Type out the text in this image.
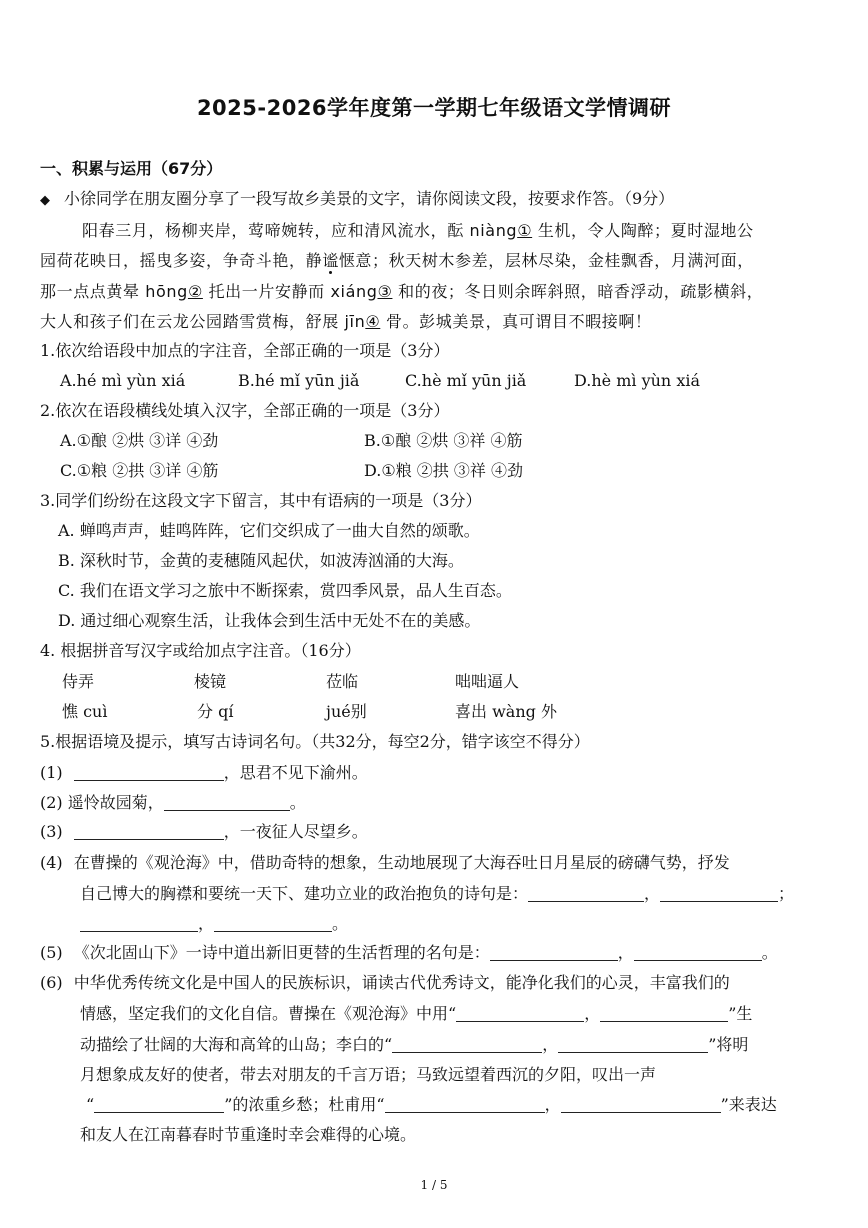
2025-2026学年度第一学期七年级语文学情调研
一、积累与运用（67分）
◆ 小徐同学在朋友圈分享了一段写故乡美景的文字，请你阅读文段，按要求作答。（9分）
阳春三月，杨柳夹岸，莺啼婉转，应和清风流水，酝 niàng① 生机，令人陶醉；夏时湿地公
园荷花映日，摇曳多姿，争奇斗艳，静谧惬意；秋天树木参差，层林尽染，金桂飘香，月满河面，
那一点点黄晕 hōng② 托出一片安静而 xiáng③ 和的夜；冬日则余晖斜照，暗香浮动，疏影横斜，
大人和孩子们在云龙公园踏雪赏梅，舒展 jīn④ 骨。彭城美景，真可谓目不暇接啊！
1.依次给语段中加点的字注音，全部正确的一项是（3分）
A.hé mì yùn xiá	B.hé mǐ yūn jiǎ	C.hè mǐ yūn jiǎ	D.hè mì yùn xiá
2.依次在语段横线处填入汉字，全部正确的一项是（3分）
A.①酿 ②烘 ③详 ④劲	B.①酿 ②烘 ③祥 ④筋
C.①粮 ②拱 ③详 ④筋	D.①粮 ②拱 ③祥 ④劲
3.同学们纷纷在这段文字下留言，其中有语病的一项是（3分）
A. 蝉鸣声声，蛙鸣阵阵，它们交织成了一曲大自然的颂歌。
B. 深秋时节，金黄的麦穗随风起伏，如波涛汹涌的大海。
C. 我们在语文学习之旅中不断探索，赏四季风景，品人生百态。
D. 通过细心观察生活，让我体会到生活中无处不在的美感。
4. 根据拼音写汉字或给加点字注音。（16分）
侍弄	棱镜	莅临	咄咄逼人
憔 cuì	分 qí	jué别	喜出 wàng 外
5.根据语境及提示，填写古诗词名句。（共32分，每空2分，错字该空不得分）
(1)	，思君不见下渝州。
(2) 遥怜故园菊，	。
(3)	，一夜征人尽望乡。
(4) 在曹操的《观沧海》中，借助奇特的想象，生动地展现了大海吞吐日月星辰的磅礴气势，抒发
自己博大的胸襟和要统一天下、建功立业的政治抱负的诗句是：	，	；
，	。
(5) 《次北固山下》一诗中道出新旧更替的生活哲理的名句是：	，	。
(6) 中华优秀传统文化是中国人的民族标识，诵读古代优秀诗文，能净化我们的心灵，丰富我们的
情感，坚定我们的文化自信。曹操在《观沧海》中用“	，	”生
动描绘了壮阔的大海和高耸的山岛；李白的“	，	”将明
月想象成友好的使者，带去对朋友的千言万语；马致远望着西沉的夕阳，叹出一声
“	”的浓重乡愁；杜甫用“	，	”来表达
和友人在江南暮春时节重逢时幸会难得的心境。
1 / 5
